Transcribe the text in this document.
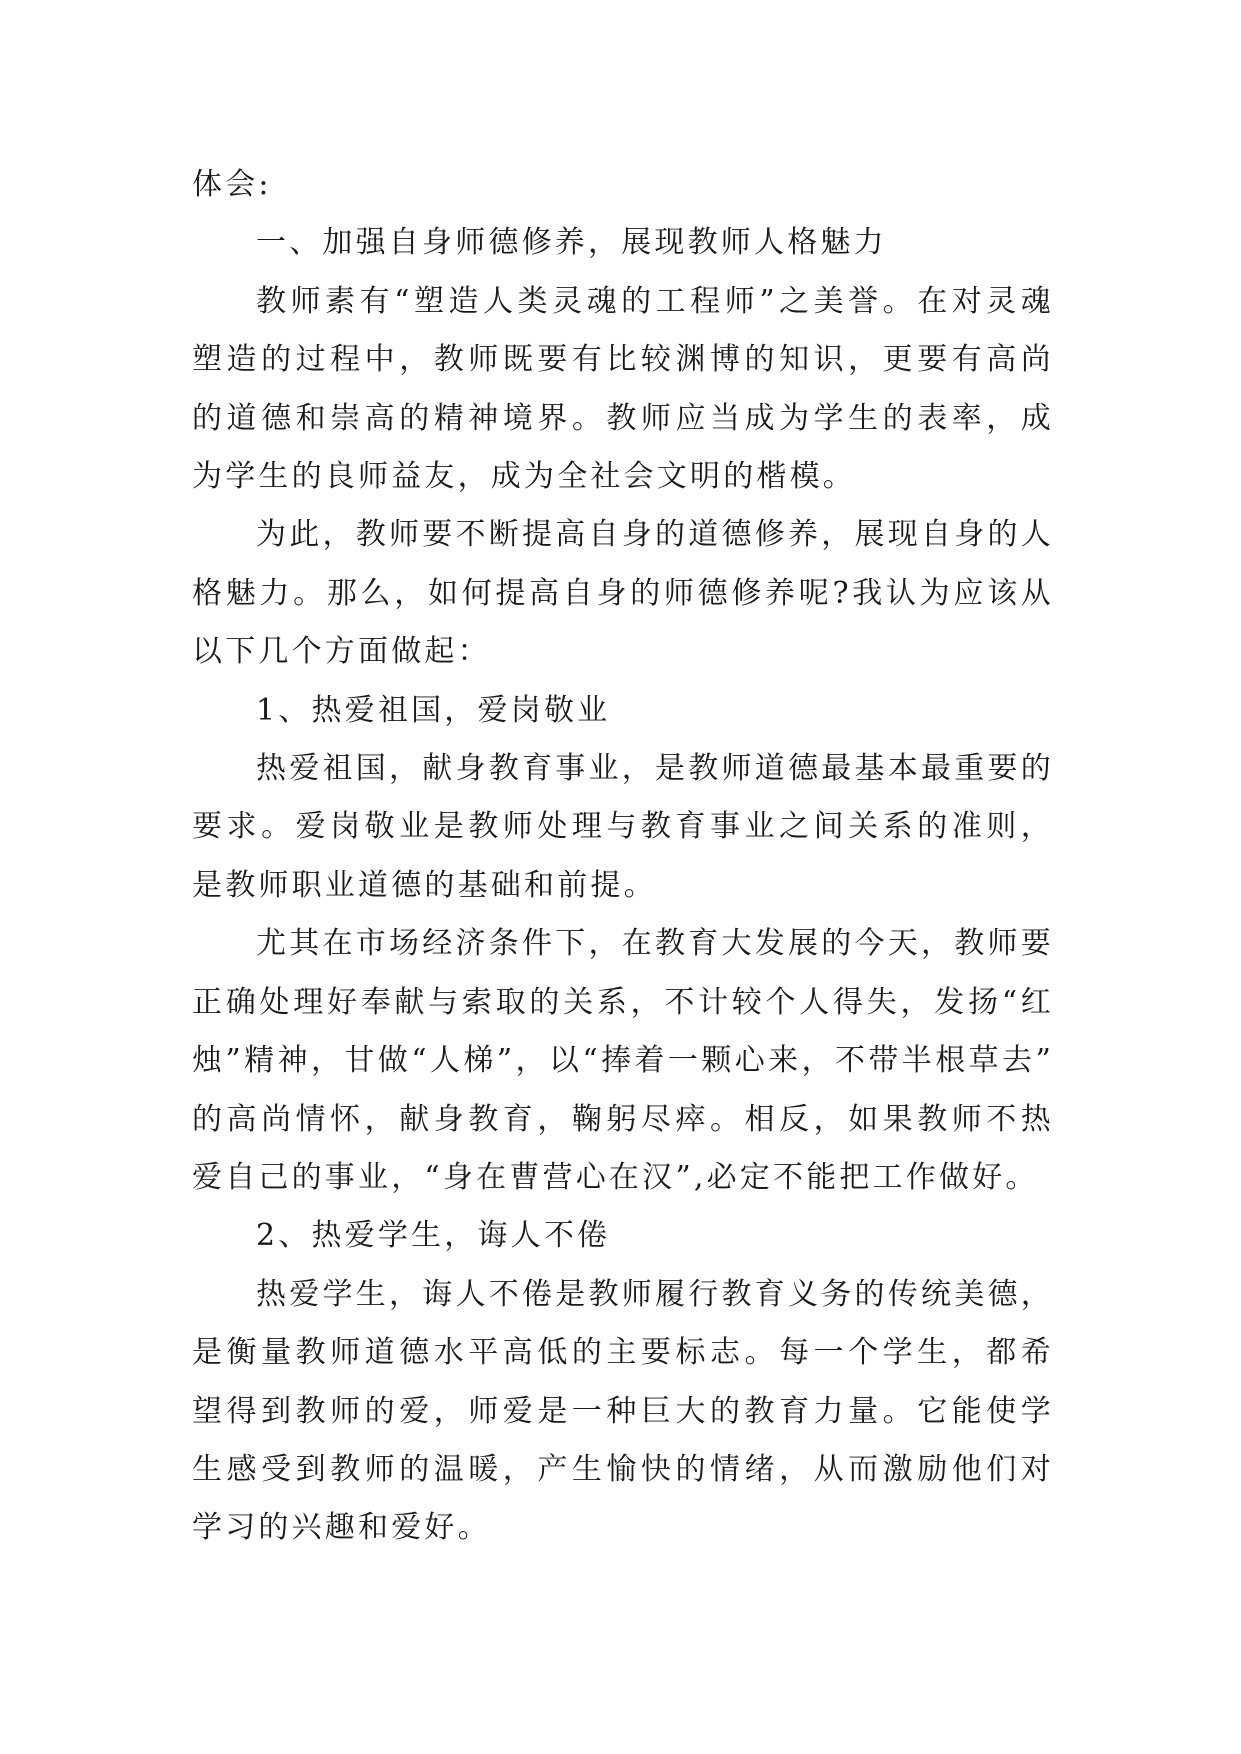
体会:

一、加强自身师德修养，展现教师人格魅力

教师素有“塑造人类灵魂的工程师”之美誉。在对灵魂塑造的过程中，教师既要有比较渊博的知识，更要有高尚的道德和崇高的精神境界。教师应当成为学生的表率，成为学生的良师益友，成为全社会文明的楷模。

为此，教师要不断提高自身的道德修养，展现自身的人格魅力。那么，如何提高自身的师德修养呢?我认为应该从以下几个方面做起：

1、热爱祖国，爱岗敬业

热爱祖国，献身教育事业，是教师道德最基本最重要的要求。爱岗敬业是教师处理与教育事业之间关系的准则，是教师职业道德的基础和前提。

尤其在市场经济条件下，在教育大发展的今天，教师要正确处理好奉献与索取的关系，不计较个人得失，发扬“红烛”精神，甘做“人梯”，以“捧着一颗心来，不带半根草去”的高尚情怀，献身教育，鞠躬尽瘁。相反，如果教师不热爱自己的事业，“身在曹营心在汉”,必定不能把工作做好。

2、热爱学生，诲人不倦

热爱学生，诲人不倦是教师履行教育义务的传统美德，是衡量教师道德水平高低的主要标志。每一个学生，都希望得到教师的爱，师爱是一种巨大的教育力量。它能使学生感受到教师的温暖，产生愉快的情绪，从而激励他们对学习的兴趣和爱好。
